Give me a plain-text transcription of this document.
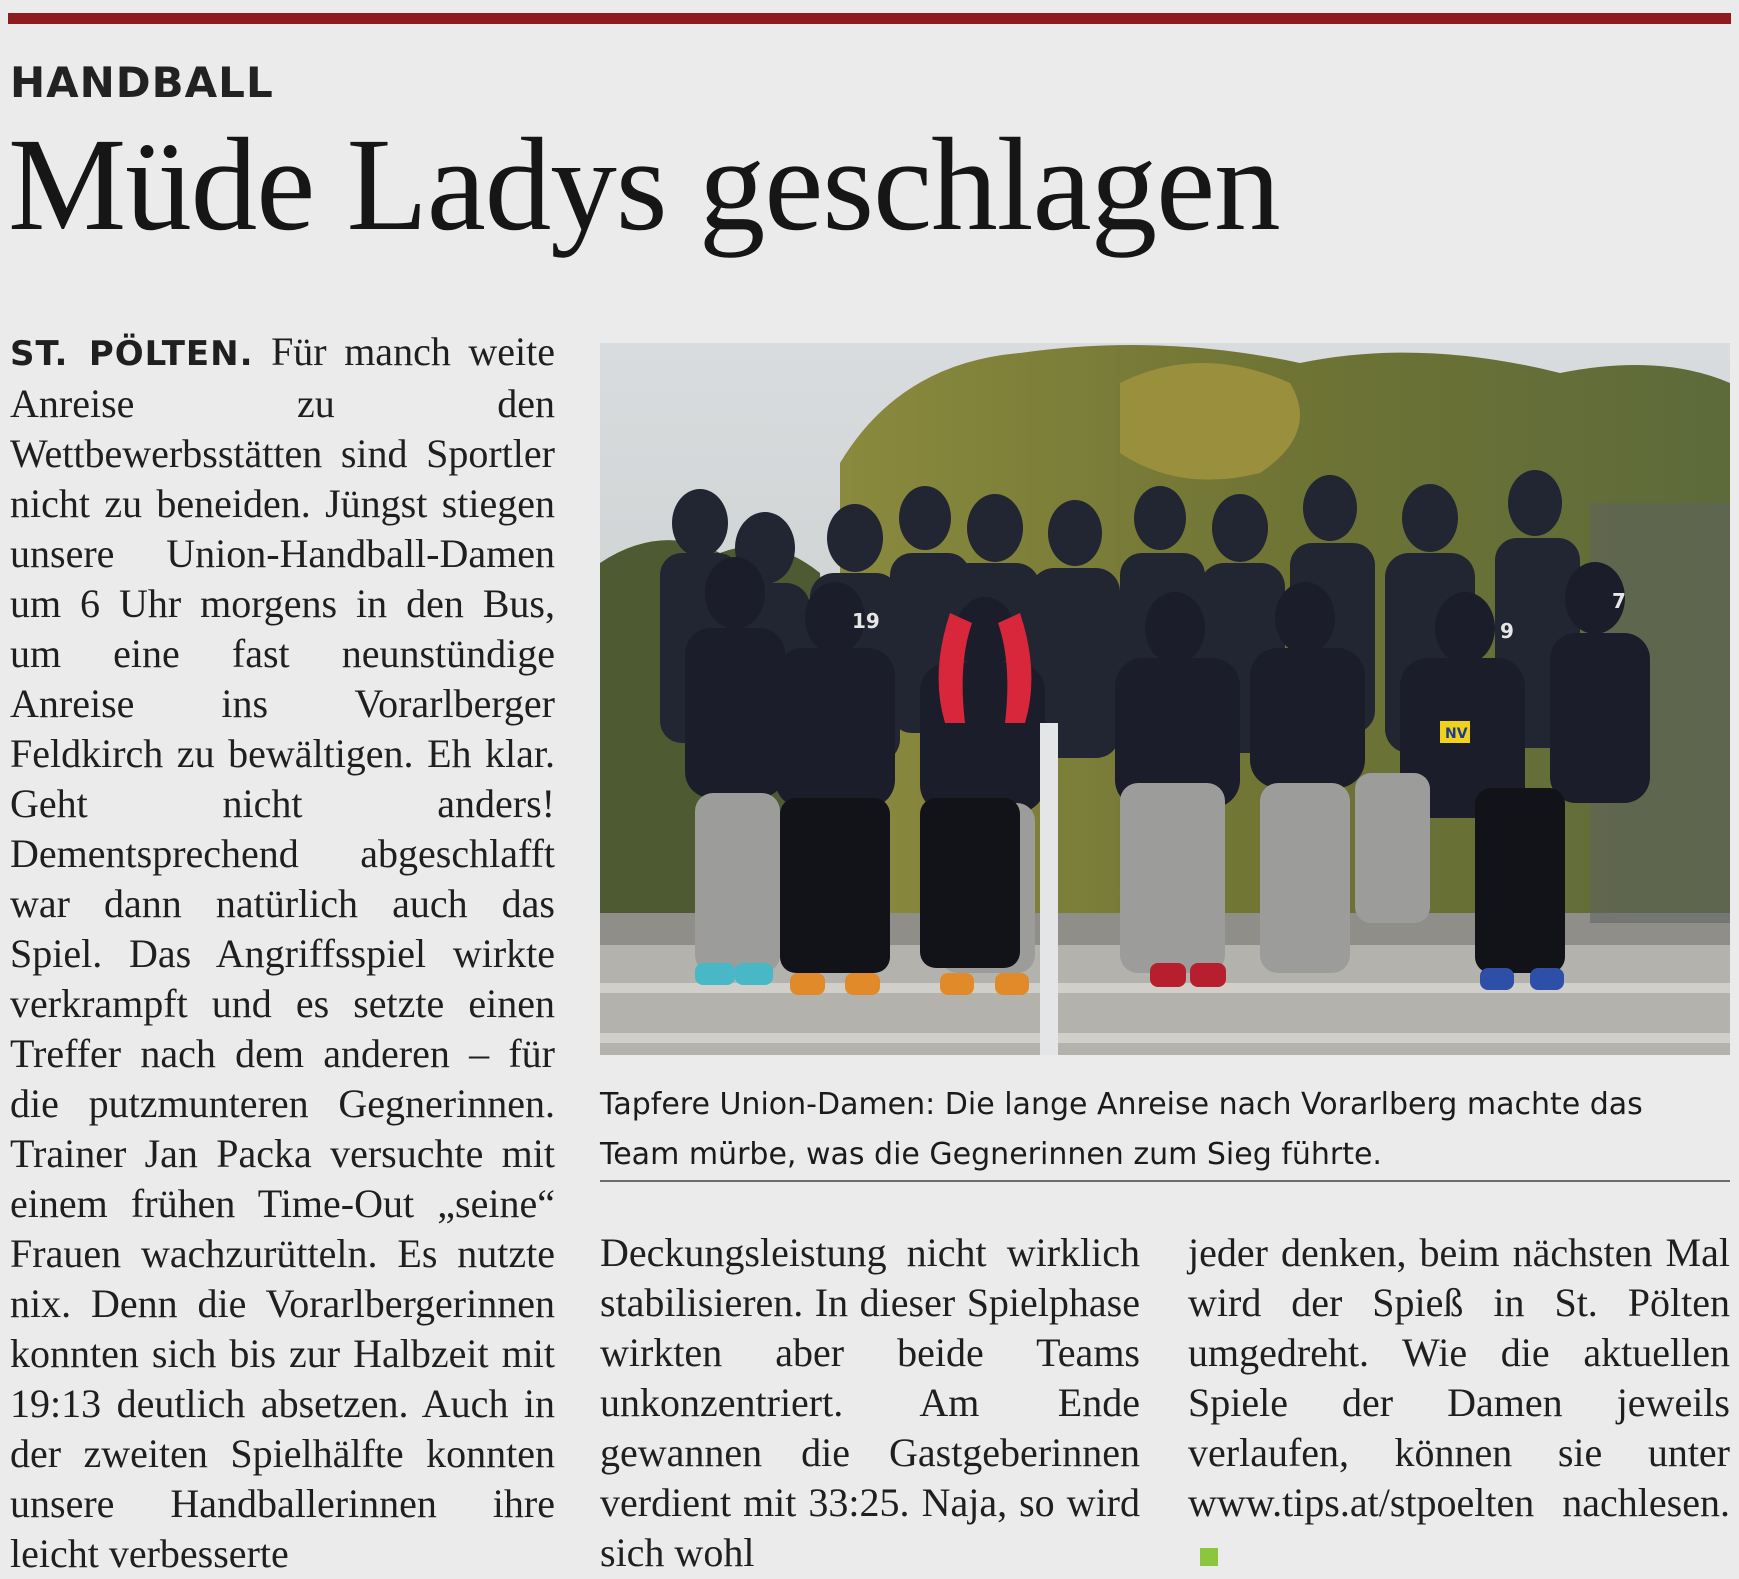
HANDBALL
Müde Ladys geschlagen

ST. PÖLTEN. Für manch weite Anreise zu den Wettbewerbsstätten sind Sportler nicht zu beneiden. Jüngst stiegen unsere Union-Handball-Damen um 6 Uhr morgens in den Bus, um eine fast neunstündige Anreise ins Vorarlberger Feldkirch zu bewältigen. Eh klar. Geht nicht anders! Dementsprechend abgeschlafft war dann natürlich auch das Spiel. Das Angriffsspiel wirkte verkrampft und es setzte einen Treffer nach dem anderen – für die putzmunteren Gegnerinnen. Trainer Jan Packa versuchte mit einem frühen Time-Out „seine“ Frauen wachzurütteln. Es nutzte nix. Denn die Vorarlbergerinnen konnten sich bis zur Halbzeit mit 19:13 deutlich absetzen. Auch in der zweiten Spielhälfte konnten unsere Handballerinnen ihre leicht verbesserte

19	9
7
NV

Tapfere Union-Damen: Die lange Anreise nach Vorarlberg machte das Team mürbe, was die Gegnerinnen zum Sieg führte.

Deckungsleistung nicht wirklich stabilisieren. In dieser Spielphase wirkten aber beide Teams unkonzentriert. Am Ende gewannen die Gastgeberinnen verdient mit 33:25. Naja, so wird sich wohl

jeder denken, beim nächsten Mal wird der Spieß in St. Pölten umgedreht. Wie die aktuellen Spiele der Damen jeweils verlaufen, können sie unter www.tips.at/stpoelten nachlesen.
